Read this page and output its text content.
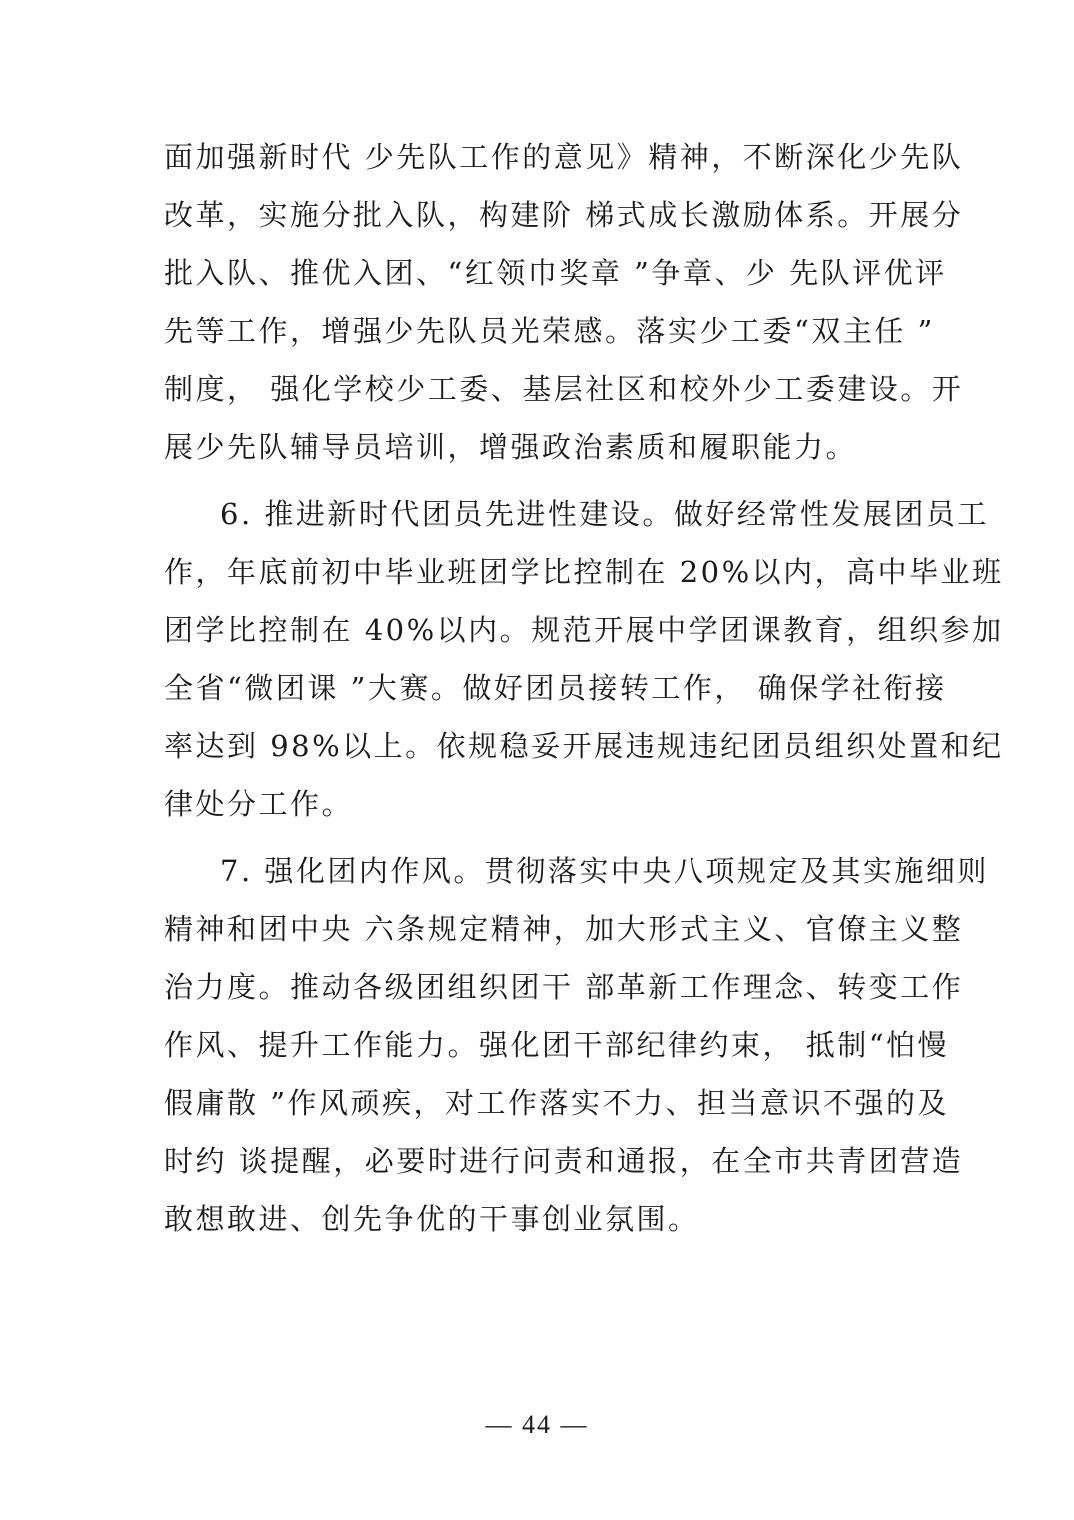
面加强新时代 少先队工作的意见》精神，不断深化少先队
改革，实施分批入队，构建阶 梯式成长激励体系。开展分
批入队、推优入团、“红领巾奖章 ”争章、少 先队评优评
先等工作，增强少先队员光荣感。落实少工委“双主任 ”
制度， 强化学校少工委、基层社区和校外少工委建设。开
展少先队辅导员培训，增强政治素质和履职能力。
6. 推进新时代团员先进性建设。做好经常性发展团员工
作，年底前初中毕业班团学比控制在 20%以内，高中毕业班
团学比控制在 40%以内。规范开展中学团课教育，组织参加
全省“微团课 ”大赛。做好团员接转工作， 确保学社衔接
率达到 98%以上。依规稳妥开展违规违纪团员组织处置和纪
律处分工作。
7. 强化团内作风。贯彻落实中央八项规定及其实施细则
精神和团中央 六条规定精神，加大形式主义、官僚主义整
治力度。推动各级团组织团干 部革新工作理念、转变工作
作风、提升工作能力。强化团干部纪律约束， 抵制“怕慢
假庸散 ”作风顽疾，对工作落实不力、担当意识不强的及
时约 谈提醒，必要时进行问责和通报，在全市共青团营造
敢想敢进、创先争优的干事创业氛围。
— 44 —
